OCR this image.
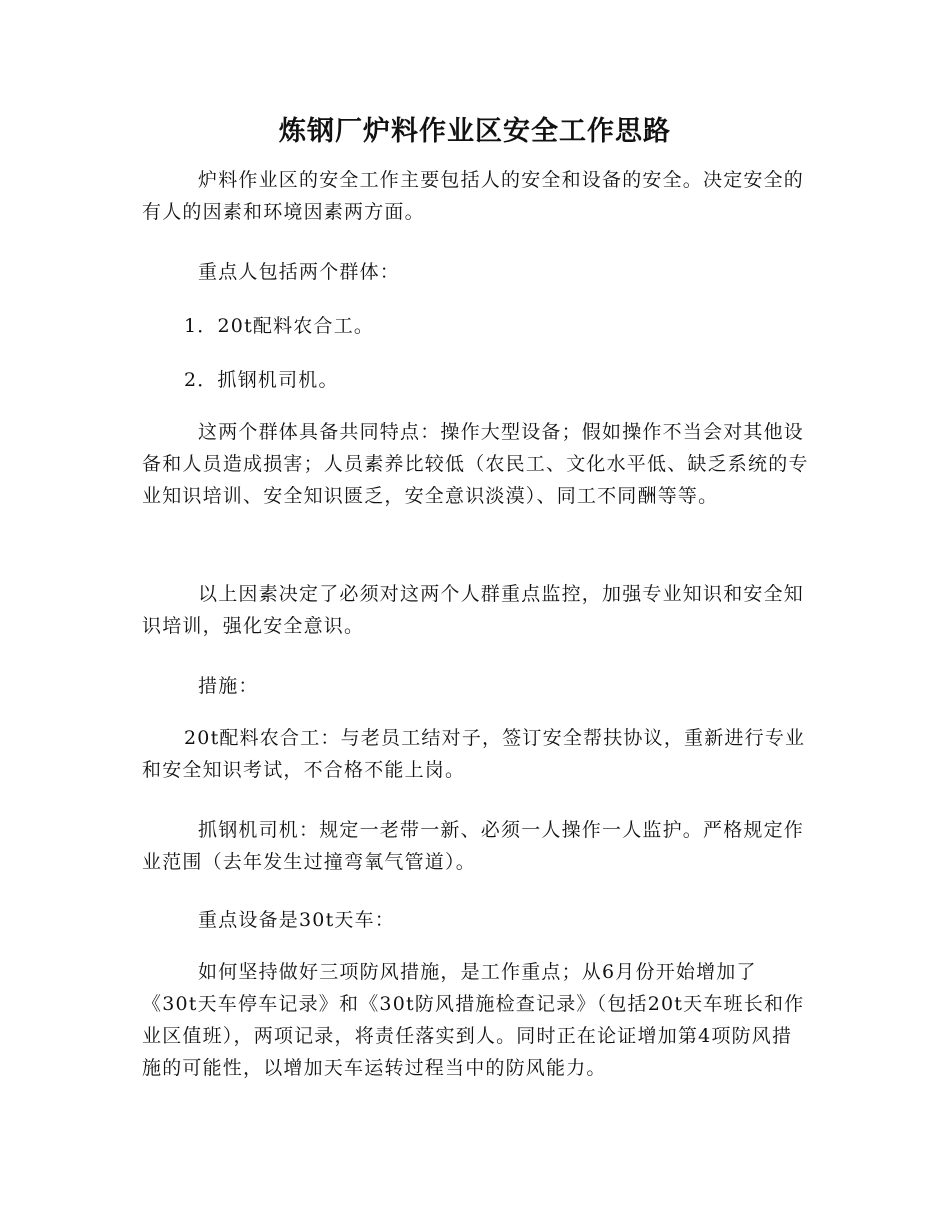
炼钢厂炉料作业区安全工作思路

炉料作业区的安全工作主要包括人的安全和设备的安全。决定安全的有人的因素和环境因素两方面。

重点人包括两个群体：

1．20t配料农合工。

2．抓钢机司机。

这两个群体具备共同特点：操作大型设备；假如操作不当会对其他设备和人员造成损害；人员素养比较低（农民工、文化水平低、缺乏系统的专业知识培训、安全知识匮乏，安全意识淡漠）、同工不同酬等等。

以上因素决定了必须对这两个人群重点监控，加强专业知识和安全知识培训，强化安全意识。

措施：

20t配料农合工：与老员工结对子，签订安全帮扶协议，重新进行专业和安全知识考试，不合格不能上岗。

抓钢机司机：规定一老带一新、必须一人操作一人监护。严格规定作业范围（去年发生过撞弯氧气管道）。

重点设备是30t天车：

如何坚持做好三项防风措施，是工作重点；从6月份开始增加了《30t天车停车记录》和《30t防风措施检查记录》（包括20t天车班长和作业区值班），两项记录，将责任落实到人。同时正在论证增加第4项防风措施的可能性，以增加天车运转过程当中的防风能力。
